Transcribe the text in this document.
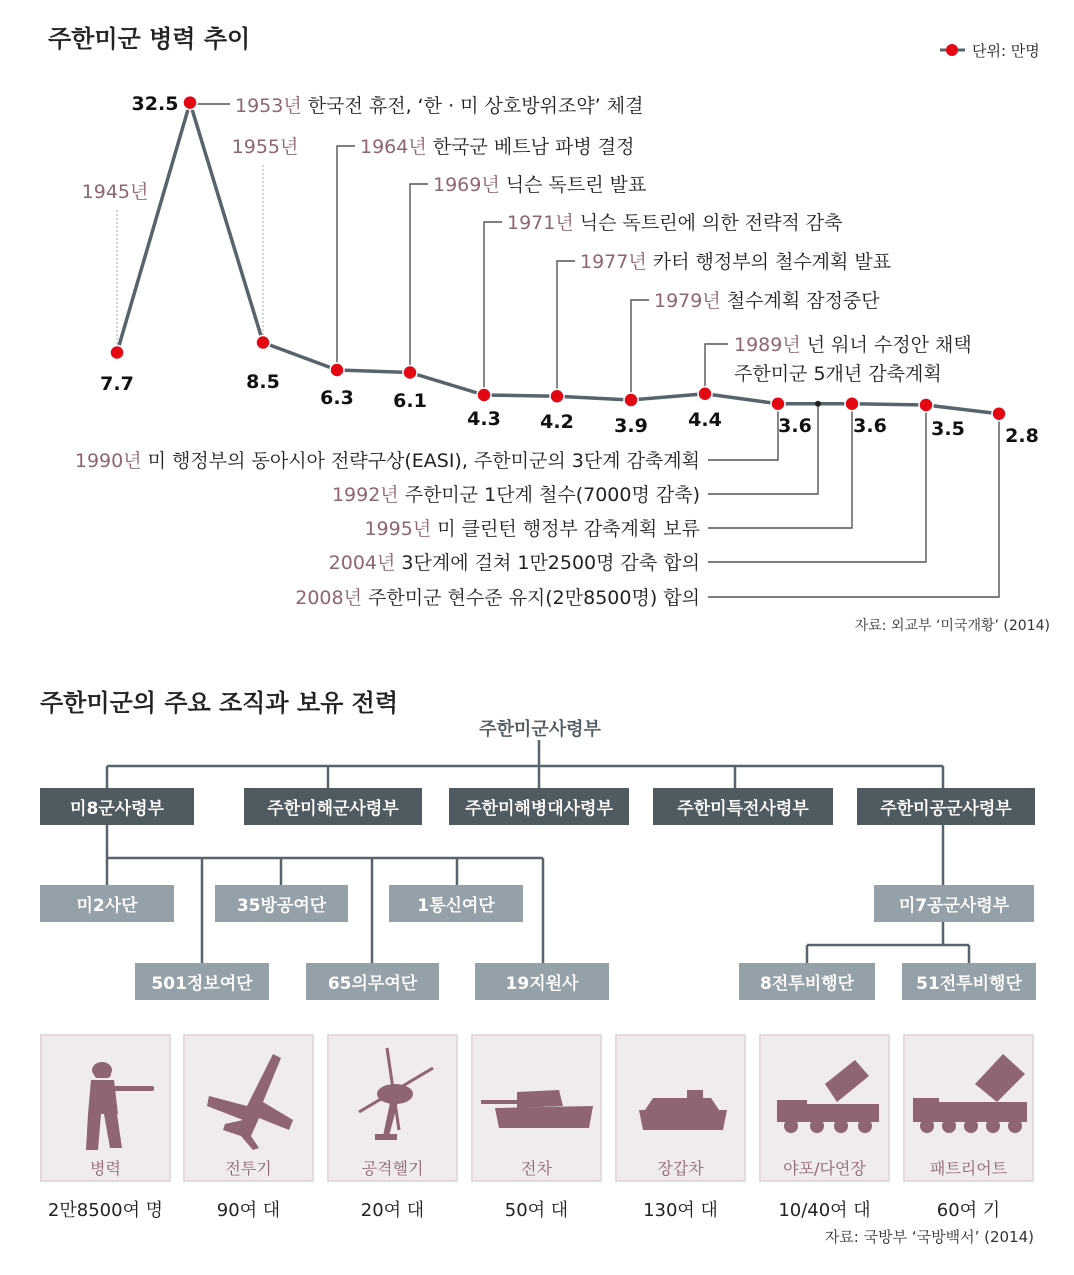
주한미군 병력 추이	단위: 만명
7.7
32.5
8.5
6.3 6.1
4.3 4.2 3.9 4.4	3.6 3.6 3.5 2.8
1945년
1953년 한국전 휴전, ‘한 · 미 상호방위조약’ 체결
1955년	1964년 한국군 베트남 파병 결정
1969년 닉슨 독트린 발표
1971년 닉슨 독트린에 의한 전략적 감축
1977년 카터 행정부의 철수계획 발표
1979년 철수계획 잠정중단
1989년 넌 워너 수정안 채택
주한미군 5개년 감축계획
1990년 미 행정부의 동아시아 전략구상(EASI), 주한미군의 3단계 감축계획
1992년 주한미군 1단계 철수(7000명 감축)
1995년 미 클린턴 행정부 감축계획 보류
2004년 3단계에 걸쳐 1만2500명 감축 합의
2008년 주한미군 현수준 유지(2만8500명) 합의
자료: 외교부 ‘미국개황’ (2014)
주한미군의 주요 조직과 보유 전력
주한미군사령부
미8군사령부	주한미해군사령부	주한미해병대사령부	주한미특전사령부	주한미공군사령부
미2사단	35방공여단	1통신여단
501정보여단	65의무여단	19지원사
미7공군사령부
8전투비행단	51전투비행단
병력
2만8500여 명
전투기
90여 대
공격헬기
20여 대
전차
50여 대
장갑차
130여 대
야포/다연장
10/40여 대
패트리어트
60여 기
자료: 국방부 ‘국방백서’ (2014)
